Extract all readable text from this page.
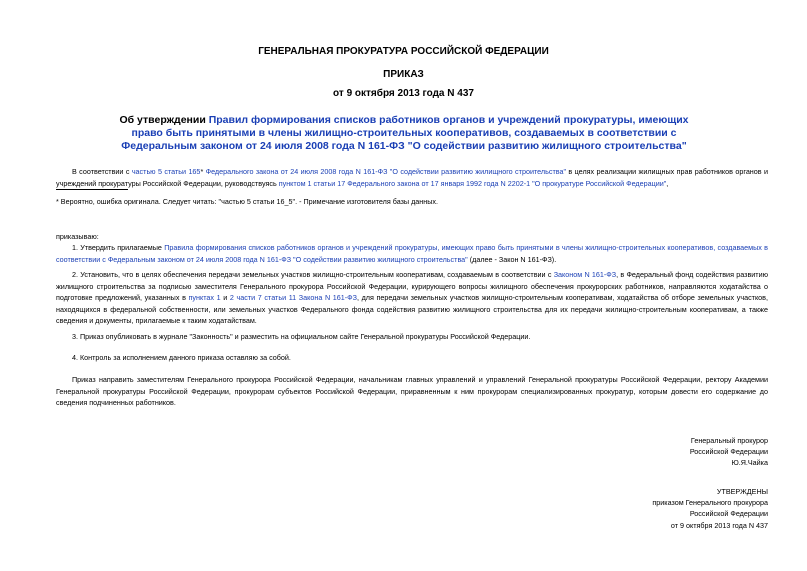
ГЕНЕРАЛЬНАЯ ПРОКУРАТУРА РОССИЙСКОЙ ФЕДЕРАЦИИ
ПРИКАЗ
от 9 октября 2013 года N 437
Об утверждении Правил формирования списков работников органов и учреждений прокуратуры, имеющих право быть принятыми в члены жилищно-строительных кооперативов, создаваемых в соответствии с Федеральным законом от 24 июля 2008 года N 161-ФЗ "О содействии развитию жилищного строительства"
В соответствии с частью 5 статьи 165* Федерального закона от 24 июля 2008 года N 161-ФЗ "О содействии развитию жилищного строительства" в целях реализации жилищных прав работников органов и учреждений прокуратуры Российской Федерации, руководствуясь пунктом 1 статьи 17 Федерального закона от 17 января 1992 года N 2202-1 "О прокуратуре Российской Федерации",
* Вероятно, ошибка оригинала. Следует читать: "частью 5 статьи 16_5". - Примечание изготовителя базы данных.
приказываю:
1. Утвердить прилагаемые Правила формирования списков работников органов и учреждений прокуратуры, имеющих право быть принятыми в члены жилищно-строительных кооперативов, создаваемых в соответствии с Федеральным законом от 24 июля 2008 года N 161-ФЗ "О содействии развитию жилищного строительства" (далее - Закон N 161-ФЗ).
2. Установить, что в целях обеспечения передачи земельных участков жилищно-строительным кооперативам, создаваемым в соответствии с Законом N 161-ФЗ, в Федеральный фонд содействия развитию жилищного строительства за подписью заместителя Генерального прокурора Российской Федерации, курирующего вопросы жилищного обеспечения прокурорских работников, направляются ходатайства о подготовке предложений, указанных в пунктах 1 и 2 части 7 статьи 11 Закона N 161-ФЗ, для передачи земельных участков жилищно-строительным кооперативам, ходатайства об отборе земельных участков, находящихся в федеральной собственности, или земельных участков Федерального фонда содействия развитию жилищного строительства для их передачи жилищно-строительным кооперативам, а также сведения и документы, прилагаемые к таким ходатайствам.
3. Приказ опубликовать в журнале "Законность" и разместить на официальном сайте Генеральной прокуратуры Российской Федерации.
4. Контроль за исполнением данного приказа оставляю за собой.
Приказ направить заместителям Генерального прокурора Российской Федерации, начальникам главных управлений и управлений Генеральной прокуратуры Российской Федерации, ректору Академии Генеральной прокуратуры Российской Федерации, прокурорам субъектов Российской Федерации, приравненным к ним прокурорам специализированных прокуратур, которым довести его содержание до сведения подчиненных работников.
Генеральный прокурор
Российской Федерации
Ю.Я.Чайка
УТВЕРЖДЕНЫ
приказом Генерального прокурора
Российской Федерации
от 9 октября 2013 года N 437
